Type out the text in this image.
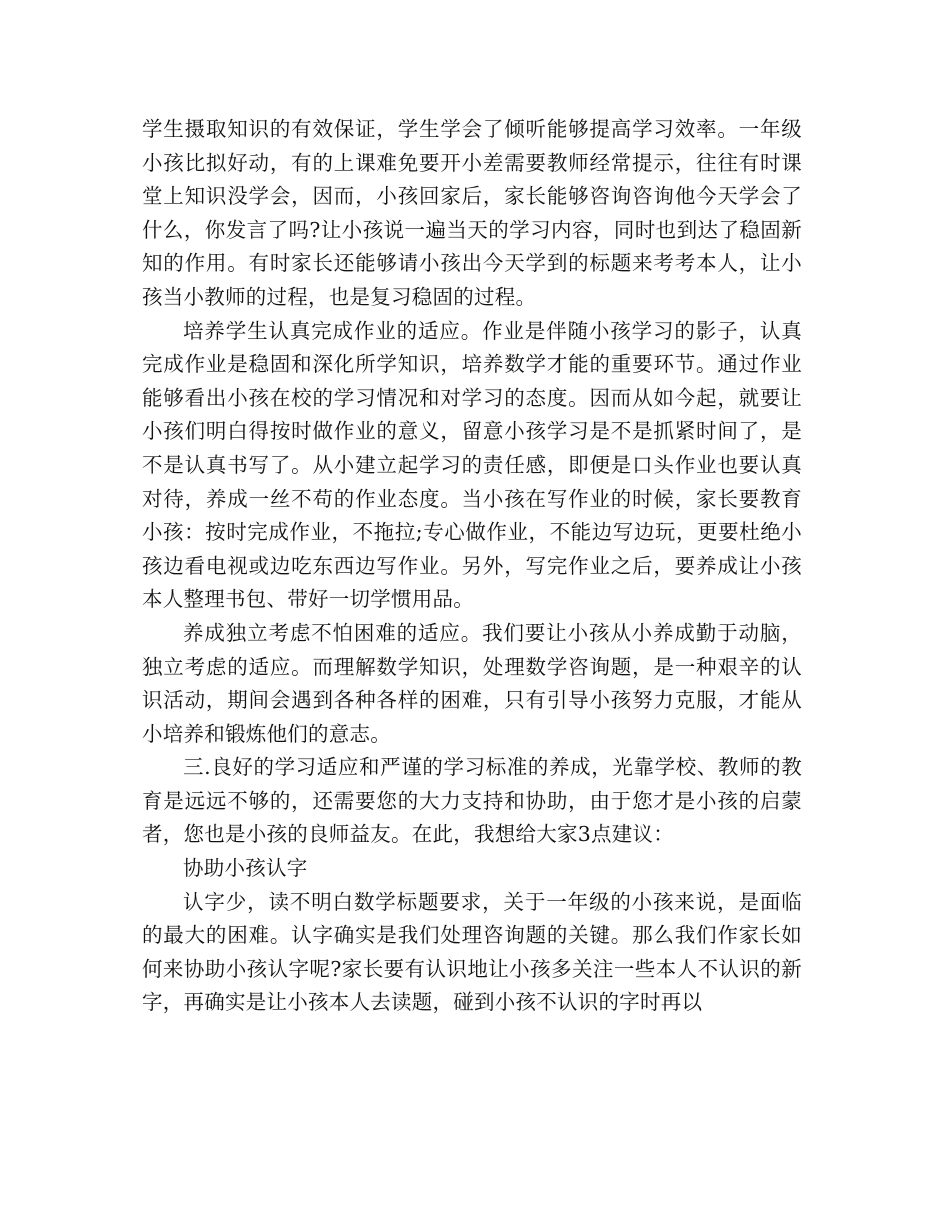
学生摄取知识的有效保证，学生学会了倾听能够提高学习效率。一年级小孩比拟好动，有的上课难免要开小差需要教师经常提示，往往有时课堂上知识没学会，因而，小孩回家后，家长能够咨询咨询他今天学会了什么，你发言了吗?让小孩说一遍当天的学习内容，同时也到达了稳固新知的作用。有时家长还能够请小孩出今天学到的标题来考考本人，让小孩当小教师的过程，也是复习稳固的过程。

培养学生认真完成作业的适应。作业是伴随小孩学习的影子，认真完成作业是稳固和深化所学知识，培养数学才能的重要环节。通过作业能够看出小孩在校的学习情况和对学习的态度。因而从如今起，就要让小孩们明白得按时做作业的意义，留意小孩学习是不是抓紧时间了，是不是认真书写了。从小建立起学习的责任感，即便是口头作业也要认真对待，养成一丝不苟的作业态度。当小孩在写作业的时候，家长要教育小孩：按时完成作业，不拖拉;专心做作业，不能边写边玩，更要杜绝小孩边看电视或边吃东西边写作业。另外，写完作业之后，要养成让小孩本人整理书包、带好一切学惯用品。

养成独立考虑不怕困难的适应。我们要让小孩从小养成勤于动脑，独立考虑的适应。而理解数学知识，处理数学咨询题，是一种艰辛的认识活动，期间会遇到各种各样的困难，只有引导小孩努力克服，才能从小培养和锻炼他们的意志。

三.良好的学习适应和严谨的学习标准的养成，光靠学校、教师的教育是远远不够的，还需要您的大力支持和协助，由于您才是小孩的启蒙者，您也是小孩的良师益友。在此，我想给大家3点建议：

协助小孩认字

认字少，读不明白数学标题要求，关于一年级的小孩来说，是面临的最大的困难。认字确实是我们处理咨询题的关键。那么我们作家长如何来协助小孩认字呢?家长要有认识地让小孩多关注一些本人不认识的新字，再确实是让小孩本人去读题，碰到小孩不认识的字时再以
